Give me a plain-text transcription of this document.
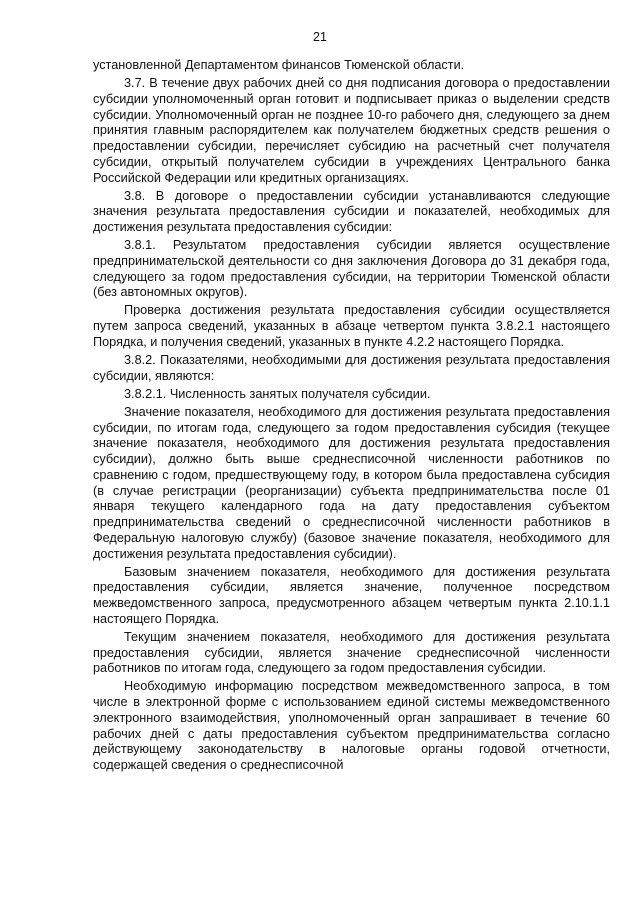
21

установленной Департаментом финансов Тюменской области.

3.7. В течение двух рабочих дней со дня подписания договора о предоставлении субсидии уполномоченный орган готовит и подписывает приказ о выделении средств субсидии. Уполномоченный орган не позднее 10-го рабочего дня, следующего за днем принятия главным распорядителем как получателем бюджетных средств решения о предоставлении субсидии, перечисляет субсидию на расчетный счет получателя субсидии, открытый получателем субсидии в учреждениях Центрального банка Российской Федерации или кредитных организациях.

3.8. В договоре о предоставлении субсидии устанавливаются следующие значения результата предоставления субсидии и показателей, необходимых для достижения результата предоставления субсидии:

3.8.1. Результатом предоставления субсидии является осуществление предпринимательской деятельности со дня заключения Договора до 31 декабря года, следующего за годом предоставления субсидии, на территории Тюменской области (без автономных округов).

Проверка достижения результата предоставления субсидии осуществляется путем запроса сведений, указанных в абзаце четвертом пункта 3.8.2.1 настоящего Порядка, и получения сведений, указанных в пункте 4.2.2 настоящего Порядка.

3.8.2. Показателями, необходимыми для достижения результата предоставления субсидии, являются:

3.8.2.1. Численность занятых получателя субсидии.

Значение показателя, необходимого для достижения результата предоставления субсидии, по итогам года, следующего за годом предоставления субсидия (текущее значение показателя, необходимого для достижения результата предоставления субсидии), должно быть выше среднесписочной численности работников по сравнению с годом, предшествующему году, в котором была предоставлена субсидия (в случае регистрации (реорганизации) субъекта предпринимательства после 01 января текущего календарного года на дату предоставления субъектом предпринимательства сведений о среднесписочной численности работников в Федеральную налоговую службу) (базовое значение показателя, необходимого для достижения результата предоставления субсидии).

Базовым значением показателя, необходимого для достижения результата предоставления субсидии, является значение, полученное посредством межведомственного запроса, предусмотренного абзацем четвертым пункта 2.10.1.1 настоящего Порядка.

Текущим значением показателя, необходимого для достижения результата предоставления субсидии, является значение среднесписочной численности работников по итогам года, следующего за годом предоставления субсидии.

Необходимую информацию посредством межведомственного запроса, в том числе в электронной форме с использованием единой системы межведомственного электронного взаимодействия, уполномоченный орган запрашивает в течение 60 рабочих дней с даты предоставления субъектом предпринимательства согласно действующему законодательству в налоговые органы годовой отчетности, содержащей сведения о среднесписочной
